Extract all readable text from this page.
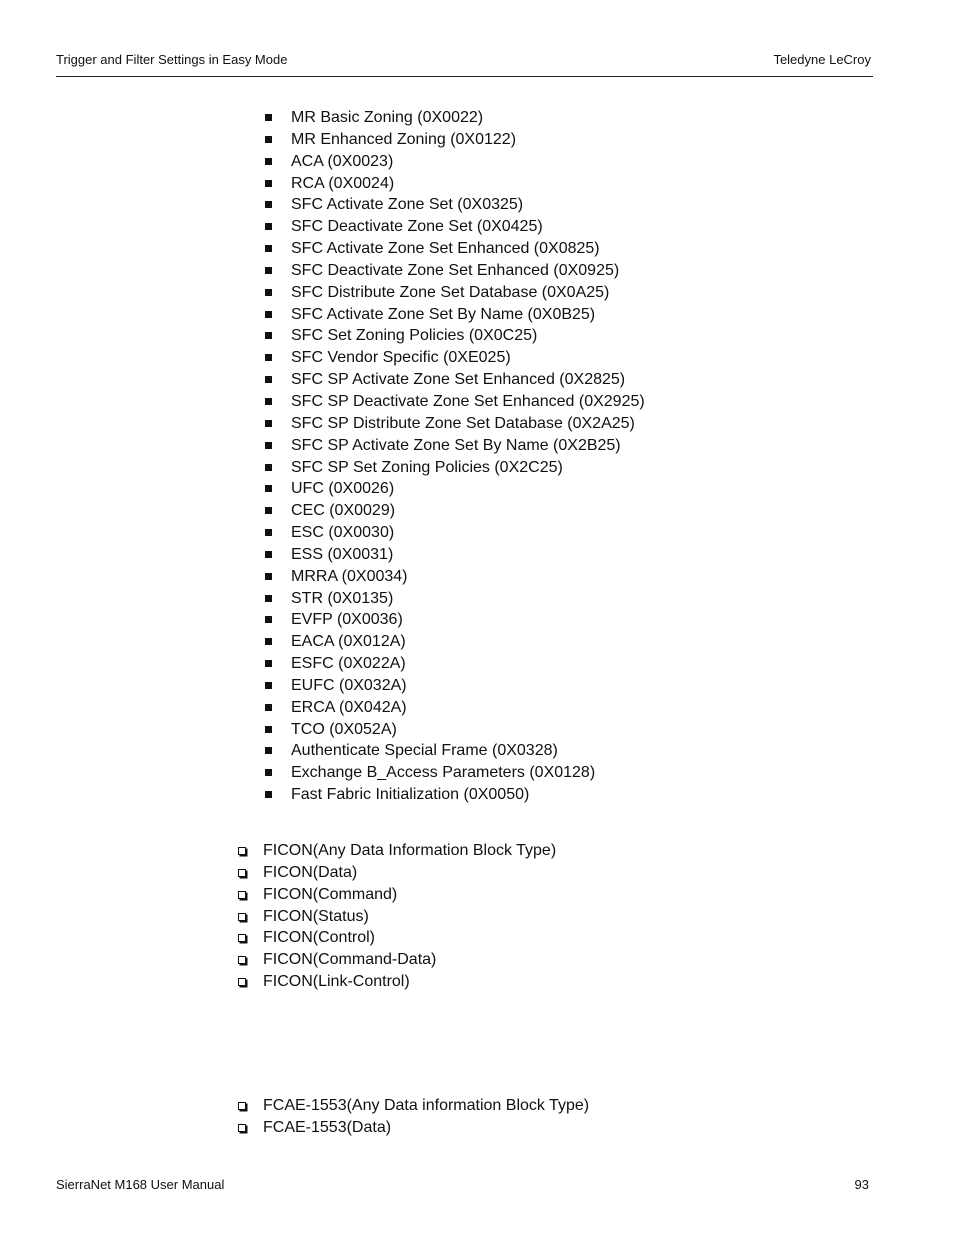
Trigger and Filter Settings in Easy Mode	Teledyne LeCroy
MR Basic Zoning (0X0022)
MR Enhanced Zoning (0X0122)
ACA (0X0023)
RCA (0X0024)
SFC Activate Zone Set (0X0325)
SFC Deactivate Zone Set (0X0425)
SFC Activate Zone Set Enhanced (0X0825)
SFC Deactivate Zone Set Enhanced (0X0925)
SFC Distribute Zone Set Database (0X0A25)
SFC Activate Zone Set By Name (0X0B25)
SFC Set Zoning Policies (0X0C25)
SFC Vendor Specific (0XE025)
SFC SP Activate Zone Set Enhanced (0X2825)
SFC SP Deactivate Zone Set Enhanced (0X2925)
SFC SP Distribute Zone Set Database (0X2A25)
SFC SP Activate Zone Set By Name (0X2B25)
SFC SP Set Zoning Policies (0X2C25)
UFC (0X0026)
CEC (0X0029)
ESC (0X0030)
ESS (0X0031)
MRRA (0X0034)
STR (0X0135)
EVFP (0X0036)
EACA (0X012A)
ESFC (0X022A)
EUFC (0X032A)
ERCA (0X042A)
TCO (0X052A)
Authenticate Special Frame (0X0328)
Exchange B_Access Parameters (0X0128)
Fast Fabric Initialization (0X0050)
FICON(Any Data Information Block Type)
FICON(Data)
FICON(Command)
FICON(Status)
FICON(Control)
FICON(Command-Data)
FICON(Link-Control)
FCAE-1553(Any Data information Block Type)
FCAE-1553(Data)
SierraNet M168 User Manual	93
